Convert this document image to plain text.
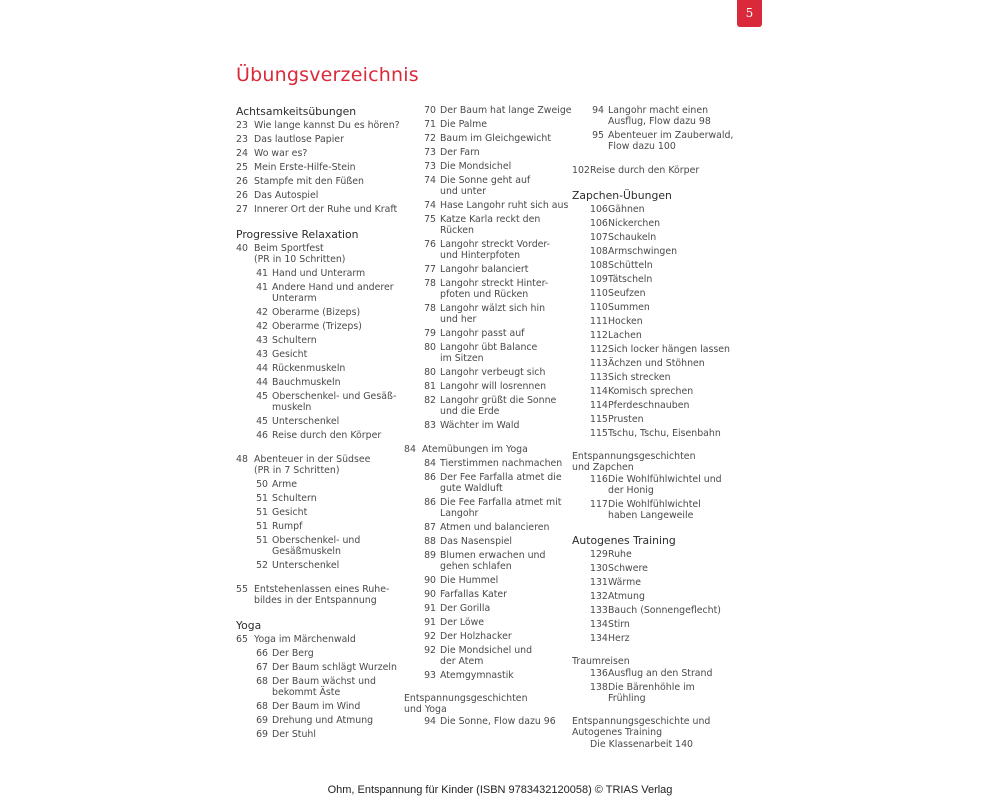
5
Übungsverzeichnis
Achtsamkeitsübungen
23 Wie lange kannst Du es hören?
23 Das lautlose Papier
24 Wo war es?
25 Mein Erste-Hilfe-Stein
26 Stampfe mit den Füßen
26 Das Autospiel
27 Innerer Ort der Ruhe und Kraft
Progressive Relaxation
40 Beim Sportfest
(PR in 10 Schritten)
41 Hand und Unterarm
41 Andere Hand und anderer
Unterarm
42 Oberarme (Bizeps)
42 Oberarme (Trizeps)
43 Schultern
43 Gesicht
44 Rückenmuskeln
44 Bauchmuskeln
45 Oberschenkel- und Gesäß-
muskeln
45 Unterschenkel
46 Reise durch den Körper
48 Abenteuer in der Südsee
(PR in 7 Schritten)
50 Arme
51 Schultern
51 Gesicht
51 Rumpf
51 Oberschenkel- und
Gesäßmuskeln
52 Unterschenkel
55 Entstehenlassen eines Ruhe-
bildes in der Entspannung
Yoga
65 Yoga im Märchenwald
66 Der Berg
67 Der Baum schlägt Wurzeln
68 Der Baum wächst und
bekommt Äste
68 Der Baum im Wind
69 Drehung und Atmung
69 Der Stuhl
70 Der Baum hat lange Zweige
71 Die Palme
72 Baum im Gleichgewicht
73 Der Farn
73 Die Mondsichel
74 Die Sonne geht auf
und unter
74 Hase Langohr ruht sich aus
75 Katze Karla reckt den
Rücken
76 Langohr streckt Vorder-
und Hinterpfoten
77 Langohr balanciert
78 Langohr streckt Hinter-
pfoten und Rücken
78 Langohr wälzt sich hin
und her
79 Langohr passt auf
80 Langohr übt Balance
im Sitzen
80 Langohr verbeugt sich
81 Langohr will losrennen
82 Langohr grüßt die Sonne
und die Erde
83 Wächter im Wald
84 Atemübungen im Yoga
84 Tierstimmen nachmachen
86 Der Fee Farfalla atmet die
gute Waldluft
86 Die Fee Farfalla atmet mit
Langohr
87 Atmen und balancieren
88 Das Nasenspiel
89 Blumen erwachen und
gehen schlafen
90 Die Hummel
90 Farfallas Kater
91 Der Gorilla
91 Der Löwe
92 Der Holzhacker
92 Die Mondsichel und
der Atem
93 Atemgymnastik
Entspannungsgeschichten
und Yoga
94 Die Sonne, Flow dazu 96
94 Langohr macht einen
Ausflug, Flow dazu 98
95 Abenteuer im Zauberwald,
Flow dazu 100
102 Reise durch den Körper
Zapchen-Übungen
106 Gähnen
106 Nickerchen
107 Schaukeln
108 Armschwingen
108 Schütteln
109 Tätscheln
110 Seufzen
110 Summen
111 Hocken
112 Lachen
112 Sich locker hängen lassen
113 Ächzen und Stöhnen
113 Sich strecken
114 Komisch sprechen
114 Pferdeschnauben
115 Prusten
115 Tschu, Tschu, Eisenbahn
Entspannungsgeschichten
und Zapchen
116 Die Wohlfühlwichtel und
der Honig
117 Die Wohlfühlwichtel
haben Langeweile
Autogenes Training
129 Ruhe
130 Schwere
131 Wärme
132 Atmung
133 Bauch (Sonnengeflecht)
134 Stirn
134 Herz
Traumreisen
136 Ausflug an den Strand
138 Die Bärenhöhle im
Frühling
Entspannungsgeschichte und
Autogenes Training
Die Klassenarbeit 140
Ohm, Entspannung für Kinder (ISBN 9783432120058) © TRIAS Verlag
